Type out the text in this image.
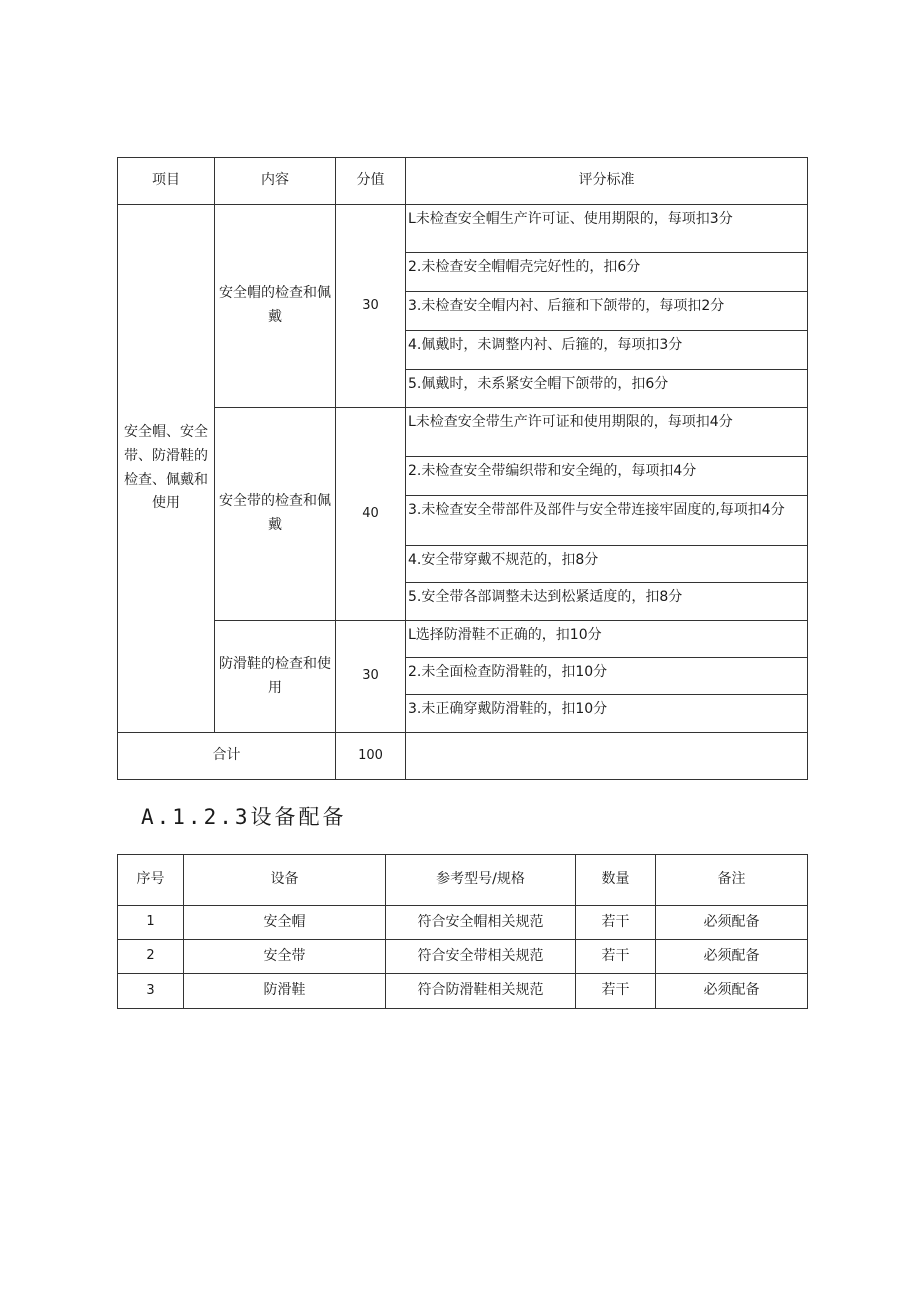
项目	内容	分值	评分标准
安全帽、安全带、防滑鞋的检查、佩戴和使用	安全帽的检查和佩戴	30	L未检查安全帽生产许可证、使用期限的，每项扣3分
			2.未检查安全帽帽壳完好性的，扣6分
			3.未检查安全帽内衬、后箍和下颌带的，每项扣2分
			4.佩戴时，未调整内衬、后箍的，每项扣3分
			5.佩戴时，未系紧安全帽下颌带的，扣6分
	安全带的检查和佩戴	40	L未检查安全带生产许可证和使用期限的，每项扣4分
			2.未检查安全带编织带和安全绳的，每项扣4分
			3.未检查安全带部件及部件与安全带连接牢固度的,每项扣4分
			4.安全带穿戴不规范的，扣8分
			5.安全带各部调整未达到松紧适度的，扣8分
	防滑鞋的检查和使用	30	L选择防滑鞋不正确的，扣10分
			2.未全面检查防滑鞋的，扣10分
			3.未正确穿戴防滑鞋的，扣10分
合计		100	
A.1.2.3设备配备
序号	设备	参考型号/规格	数量	备注
1	安全帽	符合安全帽相关规范	若干	必须配备
2	安全带	符合安全带相关规范	若干	必须配备
3	防滑鞋	符合防滑鞋相关规范	若干	必须配备
